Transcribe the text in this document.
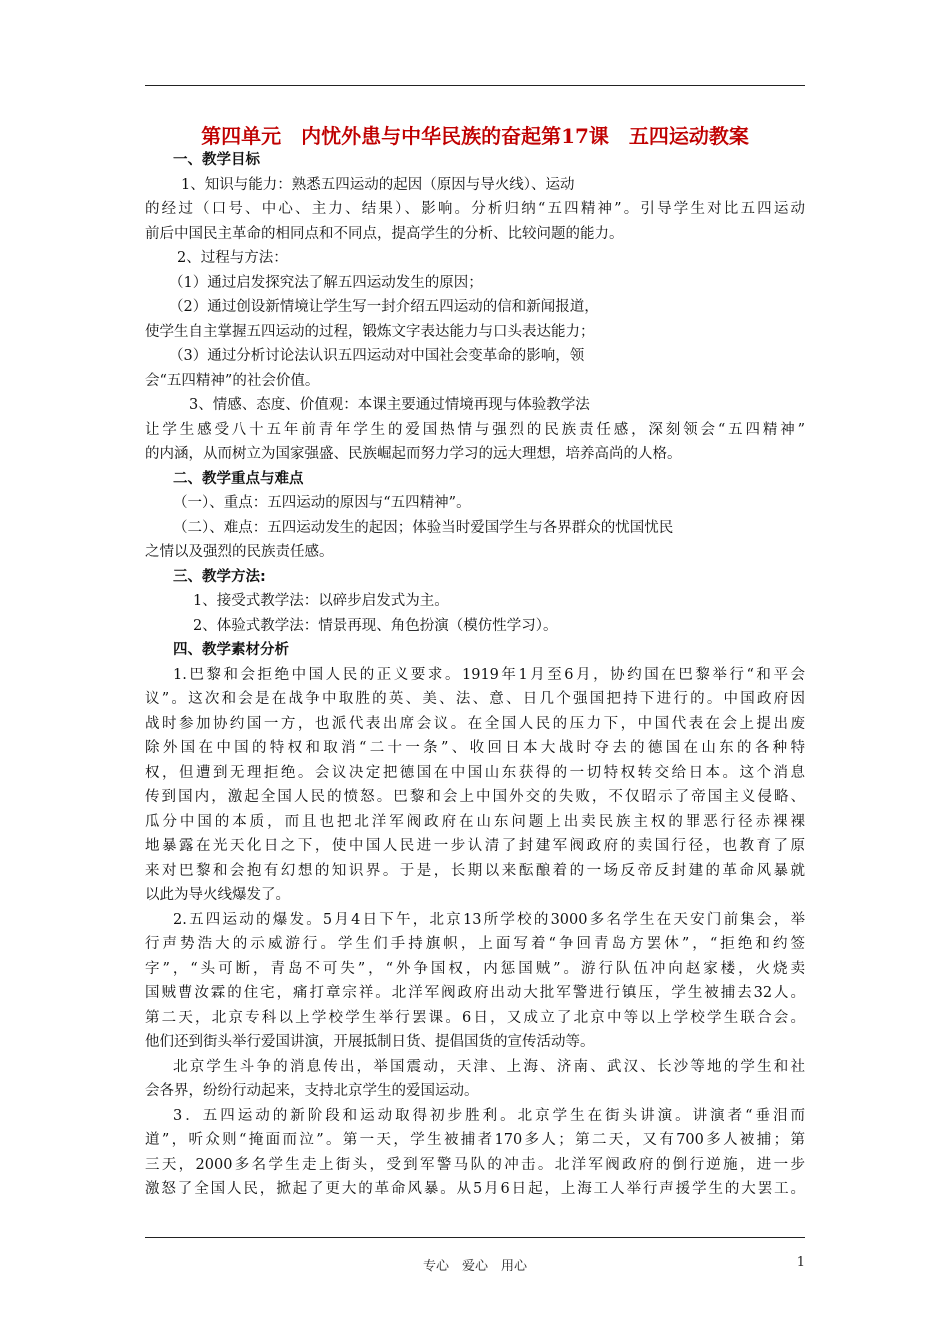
第四单元　内忧外患与中华民族的奋起第17课　五四运动教案
一、教学目标
1、知识与能力：熟悉五四运动的起因（原因与导火线）、运动
的经过（口号、中心、主力、结果）、影响。分析归纳“五四精神”。引导学生对比五四运动
前后中国民主革命的相同点和不同点，提高学生的分析、比较问题的能力。
2、过程与方法：
（1）通过启发探究法了解五四运动发生的原因；
（2）通过创设新情境让学生写一封介绍五四运动的信和新闻报道，
使学生自主掌握五四运动的过程，锻炼文字表达能力与口头表达能力；
（3）通过分析讨论法认识五四运动对中国社会变革命的影响，领
会“五四精神”的社会价值。
3、情感、态度、价值观：本课主要通过情境再现与体验教学法
让学生感受八十五年前青年学生的爱国热情与强烈的民族责任感，深刻领会“五四精神”
的内涵，从而树立为国家强盛、民族崛起而努力学习的远大理想，培养高尚的人格。
二、教学重点与难点
（一）、重点：五四运动的原因与“五四精神”。
（二）、难点：五四运动发生的起因；体验当时爱国学生与各界群众的忧国忧民
之情以及强烈的民族责任感。
三、教学方法:
1、接受式教学法：以碎步启发式为主。
2、体验式教学法：情景再现、角色扮演（模仿性学习）。
四、教学素材分析
1.巴黎和会拒绝中国人民的正义要求。1919年1月至6月，协约国在巴黎举行“和平会
议”。这次和会是在战争中取胜的英、美、法、意、日几个强国把持下进行的。中国政府因
战时参加协约国一方，也派代表出席会议。在全国人民的压力下，中国代表在会上提出废
除外国在中国的特权和取消“二十一条”、收回日本大战时夺去的德国在山东的各种特
权，但遭到无理拒绝。会议决定把德国在中国山东获得的一切特权转交给日本。这个消息
传到国内，激起全国人民的愤怒。巴黎和会上中国外交的失败，不仅昭示了帝国主义侵略、
瓜分中国的本质，而且也把北洋军阀政府在山东问题上出卖民族主权的罪恶行径赤裸裸
地暴露在光天化日之下，使中国人民进一步认清了封建军阀政府的卖国行径，也教育了原
来对巴黎和会抱有幻想的知识界。于是，长期以来酝酿着的一场反帝反封建的革命风暴就
以此为导火线爆发了。
2.五四运动的爆发。5月4日下午，北京13所学校的3000多名学生在天安门前集会，举
行声势浩大的示威游行。学生们手持旗帜，上面写着“争回青岛方罢休”，“拒绝和约签
字”，“头可断，青岛不可失”，“外争国权，内惩国贼”。游行队伍冲向赵家楼，火烧卖
国贼曹汝霖的住宅，痛打章宗祥。北洋军阀政府出动大批军警进行镇压，学生被捕去32人。
第二天，北京专科以上学校学生举行罢课。6日，又成立了北京中等以上学校学生联合会。
他们还到街头举行爱国讲演，开展抵制日货、提倡国货的宣传活动等。
北京学生斗争的消息传出，举国震动，天津、上海、济南、武汉、长沙等地的学生和社
会各界，纷纷行动起来，支持北京学生的爱国运动。
3．五四运动的新阶段和运动取得初步胜利。北京学生在街头讲演。讲演者“垂泪而
道”，听众则“掩面而泣”。第一天，学生被捕者170多人；第二天，又有700多人被捕；第
三天，2000多名学生走上街头，受到军警马队的冲击。北洋军阀政府的倒行逆施，进一步
激怒了全国人民，掀起了更大的革命风暴。从5月6日起，上海工人举行声援学生的大罢工。
专心　爱心　用心	1
